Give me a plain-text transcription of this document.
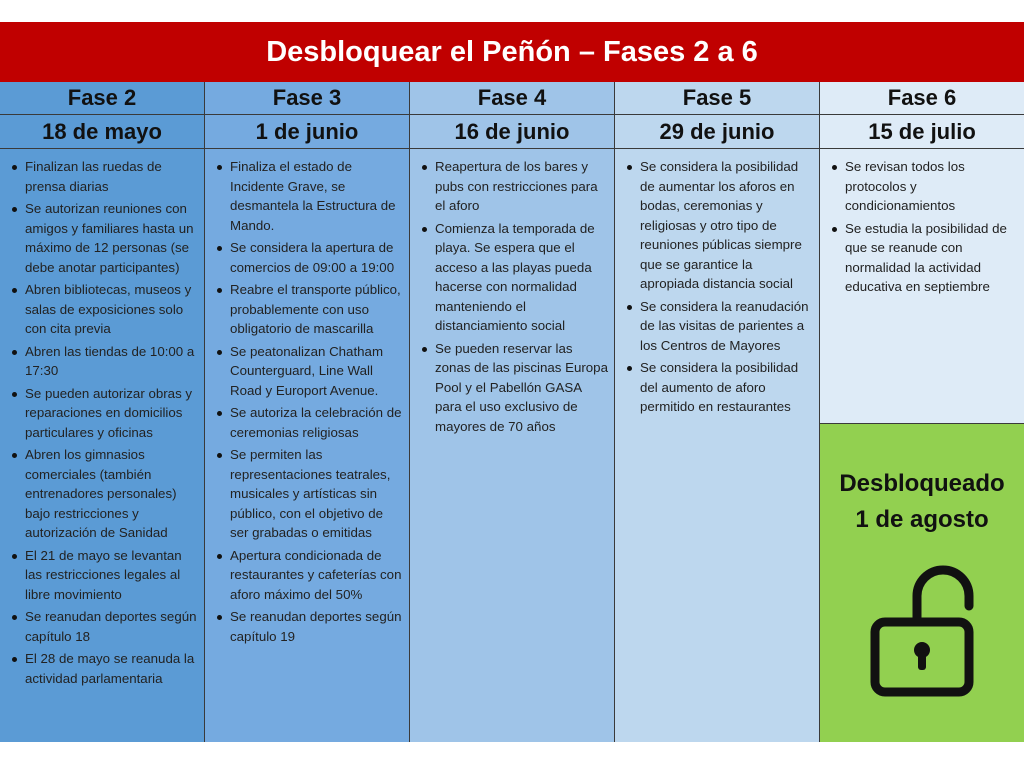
Desbloquear el Peñón – Fases 2 a 6
Fase 2
18 de mayo
Finalizan las ruedas de prensa diarias
Se autorizan reuniones con amigos y familiares hasta un máximo de 12 personas (se debe anotar participantes)
Abren bibliotecas, museos y salas de exposiciones solo con cita previa
Abren las tiendas de 10:00 a 17:30
Se pueden autorizar obras y reparaciones en domicilios particulares y oficinas
Abren los gimnasios comerciales (también entrenadores personales) bajo restricciones y autorización de Sanidad
El 21 de mayo se levantan las restricciones legales al libre movimiento
Se reanudan deportes según capítulo 18
El 28 de mayo se reanuda la actividad parlamentaria
Fase 3
1 de junio
Finaliza el estado de Incidente Grave, se desmantela la Estructura de Mando.
Se considera la apertura de comercios de 09:00 a 19:00
Reabre el transporte público, probablemente con uso obligatorio de mascarilla
Se peatonalizan Chatham Counterguard, Line Wall Road y Europort Avenue.
Se autoriza la celebración de ceremonias religiosas
Se permiten las representaciones teatrales, musicales y artísticas sin público, con el objetivo de ser grabadas o emitidas
Apertura condicionada de restaurantes y cafeterías con aforo máximo del 50%
Se reanudan deportes según capítulo 19
Fase 4
16 de junio
Reapertura de los bares y pubs con restricciones para el aforo
Comienza la temporada de playa. Se espera que el acceso a las playas pueda hacerse con normalidad manteniendo el distanciamiento social
Se pueden reservar las zonas de las piscinas Europa Pool y el Pabellón GASA para el uso exclusivo de mayores de 70 años
Fase 5
29 de junio
Se considera la posibilidad de aumentar los aforos en bodas, ceremonias y religiosas y otro tipo de reuniones públicas siempre que se garantice la apropiada distancia social
Se considera la reanudación de las visitas de parientes a los Centros de Mayores
Se considera la posibilidad del aumento de aforo permitido en restaurantes
Fase 6
15 de julio
Se revisan todos los protocolos y condicionamientos
Se estudia la posibilidad de que se reanude con normalidad la actividad educativa en septiembre
Desbloqueado
1 de agosto
